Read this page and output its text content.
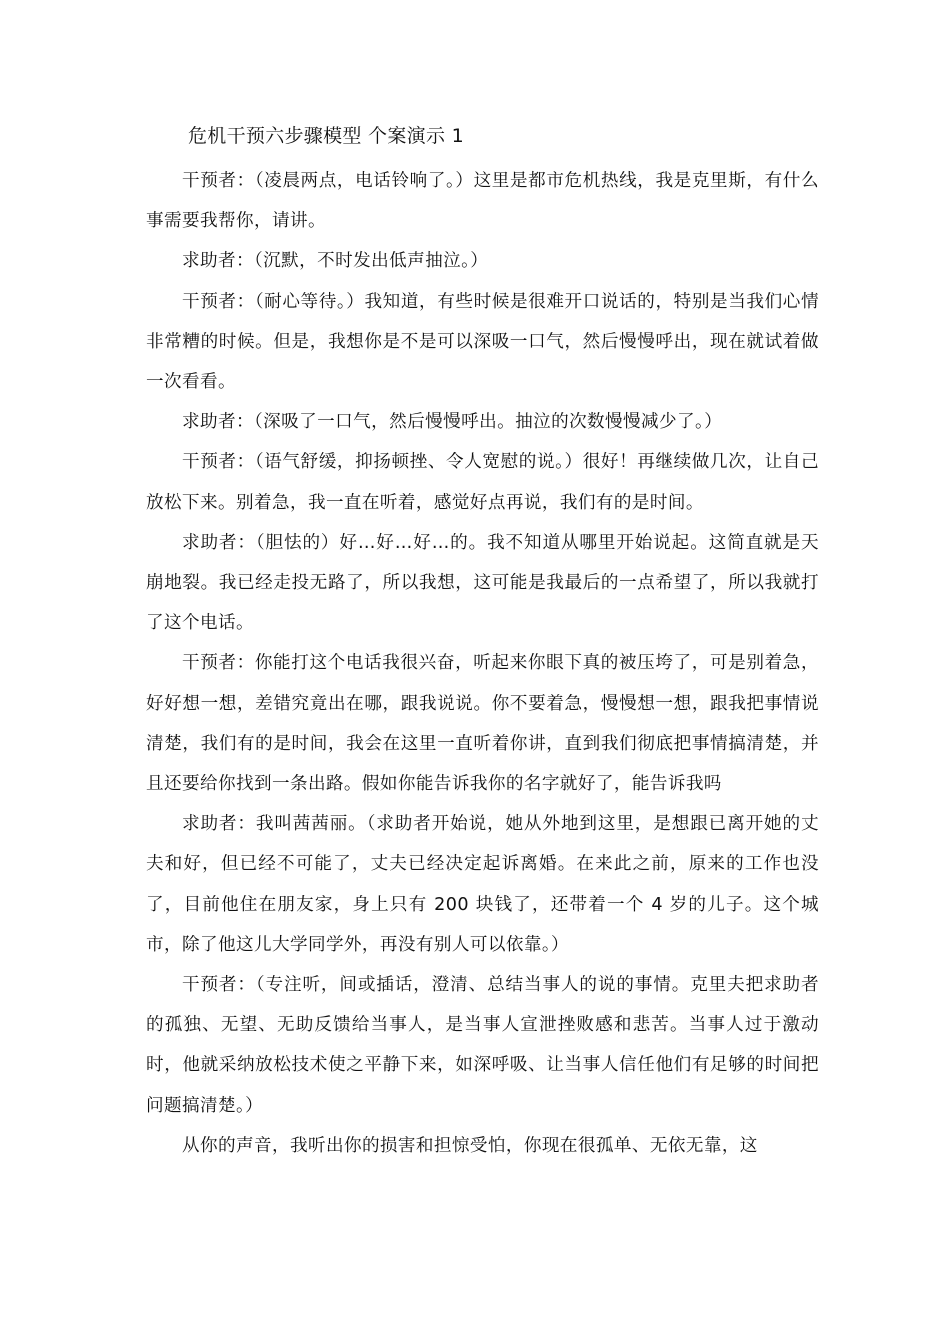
危机干预六步骤模型 个案演示 1

干预者：（凌晨两点，电话铃响了。）这里是都市危机热线，我是克里斯，有什么事需要我帮你，请讲。

求助者：（沉默，不时发出低声抽泣。）

干预者：（耐心等待。）我知道，有些时候是很难开口说话的，特别是当我们心情非常糟的时候。但是，我想你是不是可以深吸一口气，然后慢慢呼出，现在就试着做一次看看。

求助者：（深吸了一口气，然后慢慢呼出。抽泣的次数慢慢减少了。）

干预者：（语气舒缓，抑扬顿挫、令人宽慰的说。）很好！再继续做几次，让自己放松下来。别着急，我一直在听着，感觉好点再说，我们有的是时间。

求助者：（胆怯的）好…好…好…的。我不知道从哪里开始说起。这简直就是天崩地裂。我已经走投无路了，所以我想，这可能是我最后的一点希望了，所以我就打了这个电话。

干预者：你能打这个电话我很兴奋，听起来你眼下真的被压垮了，可是别着急，好好想一想，差错究竟出在哪，跟我说说。你不要着急，慢慢想一想，跟我把事情说清楚，我们有的是时间，我会在这里一直听着你讲，直到我们彻底把事情搞清楚，并且还要给你找到一条出路。假如你能告诉我你的名字就好了，能告诉我吗

求助者：我叫茜茜丽。（求助者开始说，她从外地到这里，是想跟已离开她的丈夫和好，但已经不可能了，丈夫已经决定起诉离婚。在来此之前，原来的工作也没了，目前他住在朋友家，身上只有 200 块钱了，还带着一个 4 岁的儿子。这个城市，除了他这儿大学同学外，再没有别人可以依靠。）

干预者：（专注听，间或插话，澄清、总结当事人的说的事情。克里夫把求助者的孤独、无望、无助反馈给当事人，是当事人宣泄挫败感和悲苦。当事人过于激动时，他就采纳放松技术使之平静下来，如深呼吸、让当事人信任他们有足够的时间把问题搞清楚。）

从你的声音，我听出你的损害和担惊受怕，你现在很孤单、无依无靠，这
